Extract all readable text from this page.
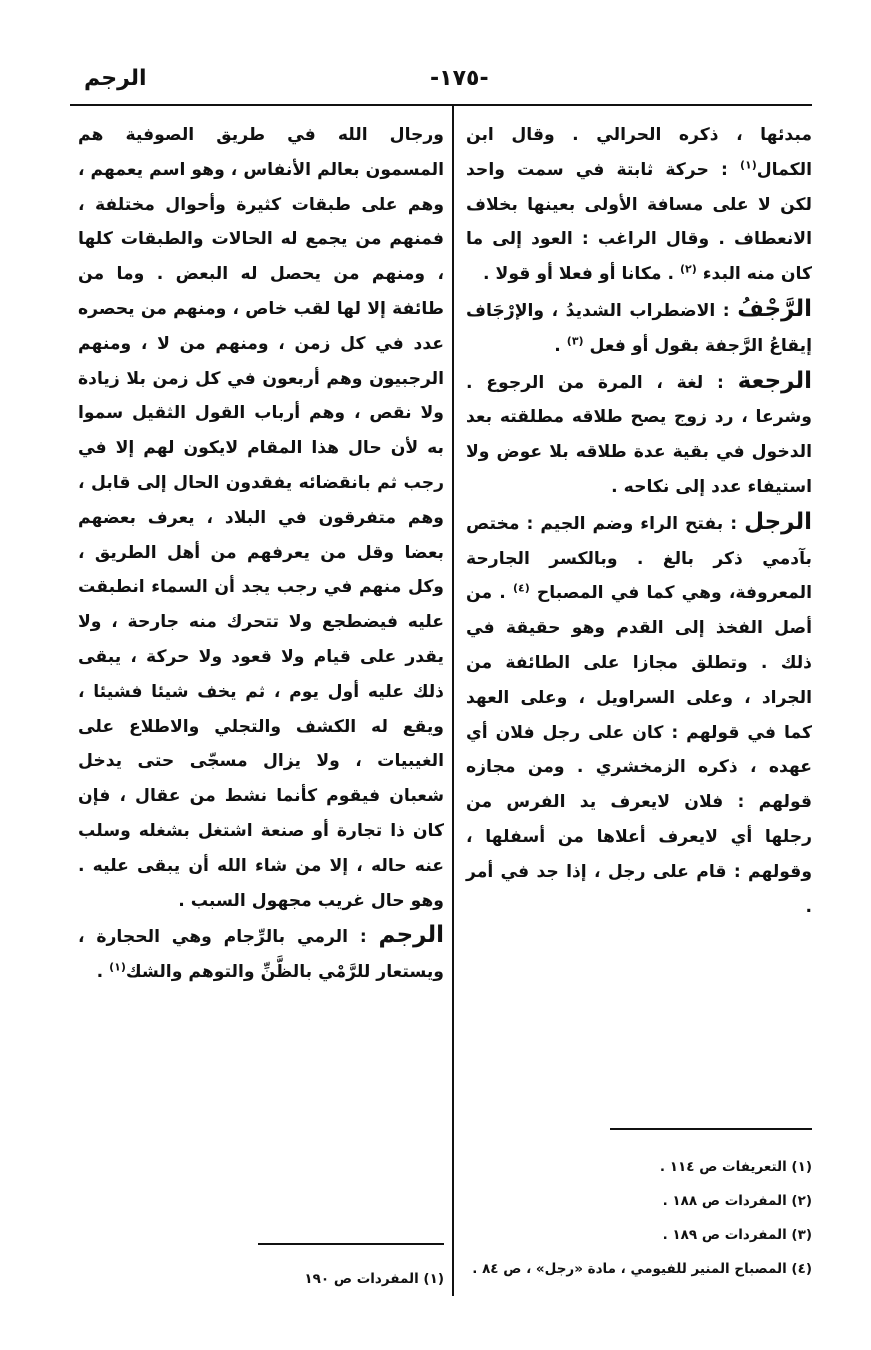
الرجم	-١٧٥-

مبدئها ، ذكره الحرالي . وقال ابن الكمال$^{(١)}$ : حركة ثابتة في سمت واحد لكن لا على مسافة الأولى بعينها بخلاف الانعطاف . وقال الراغب : العود إلى ما كان منه البدء $^{(٢)}$ . مكانا أو فعلا أو قولا .

الرَّجْفُ : الاضطراب الشديدُ ، والإرْجَاف إيقاعُ الرَّجفة بقول أو فعل $^{(٣)}$ .

الرجعة : لغة ، المرة من الرجوع . وشرعا ، رد زوج يصح طلاقه مطلقته بعد الدخول في بقية عدة طلاقه بلا عوض ولا استيفاء عدد إلى نكاحه .

الرجل : بفتح الراء وضم الجيم : مختص بآدمي ذكر بالغ . وبالكسر الجارحة المعروفة، وهي كما في المصباح $^{(٤)}$ . من أصل الفخذ إلى القدم وهو حقيقة في ذلك . وتطلق مجازا على الطائفة من الجراد ، وعلى السراويل ، وعلى العهد كما في قولهم : كان على رجل فلان أي عهده ، ذكره الزمخشري . ومن مجازه قولهم : فلان لايعرف يد الفرس من رجلها أي لايعرف أعلاها من أسفلها ، وقولهم : قام على رجل ، إذا جد في أمر .

ورجال الله في طريق الصوفية هم المسمون بعالم الأنفاس ، وهو اسم يعمهم ، وهم على طبقات كثيرة وأحوال مختلفة ، فمنهم من يجمع له الحالات والطبقات كلها ، ومنهم من يحصل له البعض . وما من طائفة إلا لها لقب خاص ، ومنهم من يحصره عدد في كل زمن ، ومنهم من لا ، ومنهم الرجبيون وهم أربعون في كل زمن بلا زيادة ولا نقص ، وهم أرباب القول الثقيل سموا به لأن حال هذا المقام لايكون لهم إلا في رجب ثم بانقضائه يفقدون الحال إلى قابل ، وهم متفرقون في البلاد ، يعرف بعضهم بعضا وقل من يعرفهم من أهل الطريق ، وكل منهم في رجب يجد أن السماء انطبقت عليه فيضطجع ولا تتحرك منه جارحة ، ولا يقدر على قيام ولا قعود ولا حركة ، يبقى ذلك عليه أول يوم ، ثم يخف شيئا فشيئا ، ويقع له الكشف والتجلي والاطلاع على الغيبيات ، ولا يزال مسجّى حتى يدخل شعبان فيقوم كأنما نشط من عقال ، فإن كان ذا تجارة أو صنعة اشتغل بشغله وسلب عنه حاله ، إلا من شاء الله أن يبقى عليه . وهو حال غريب مجهول السبب .

الرجم : الرمي بالرِّجام وهي الحجارة ، ويستعار للرَّمْي بالظَّنِّ والتوهم والشك$^{(١)}$ .

(١) التعريفات ص ١١٤ .

(٢) المفردات ص ١٨٨ .

(٣) المفردات ص ١٨٩ .

(٤) المصباح المنير للفيومي ، مادة «رجل» ، ص ٨٤ .

(١) المفردات ص ١٩٠
